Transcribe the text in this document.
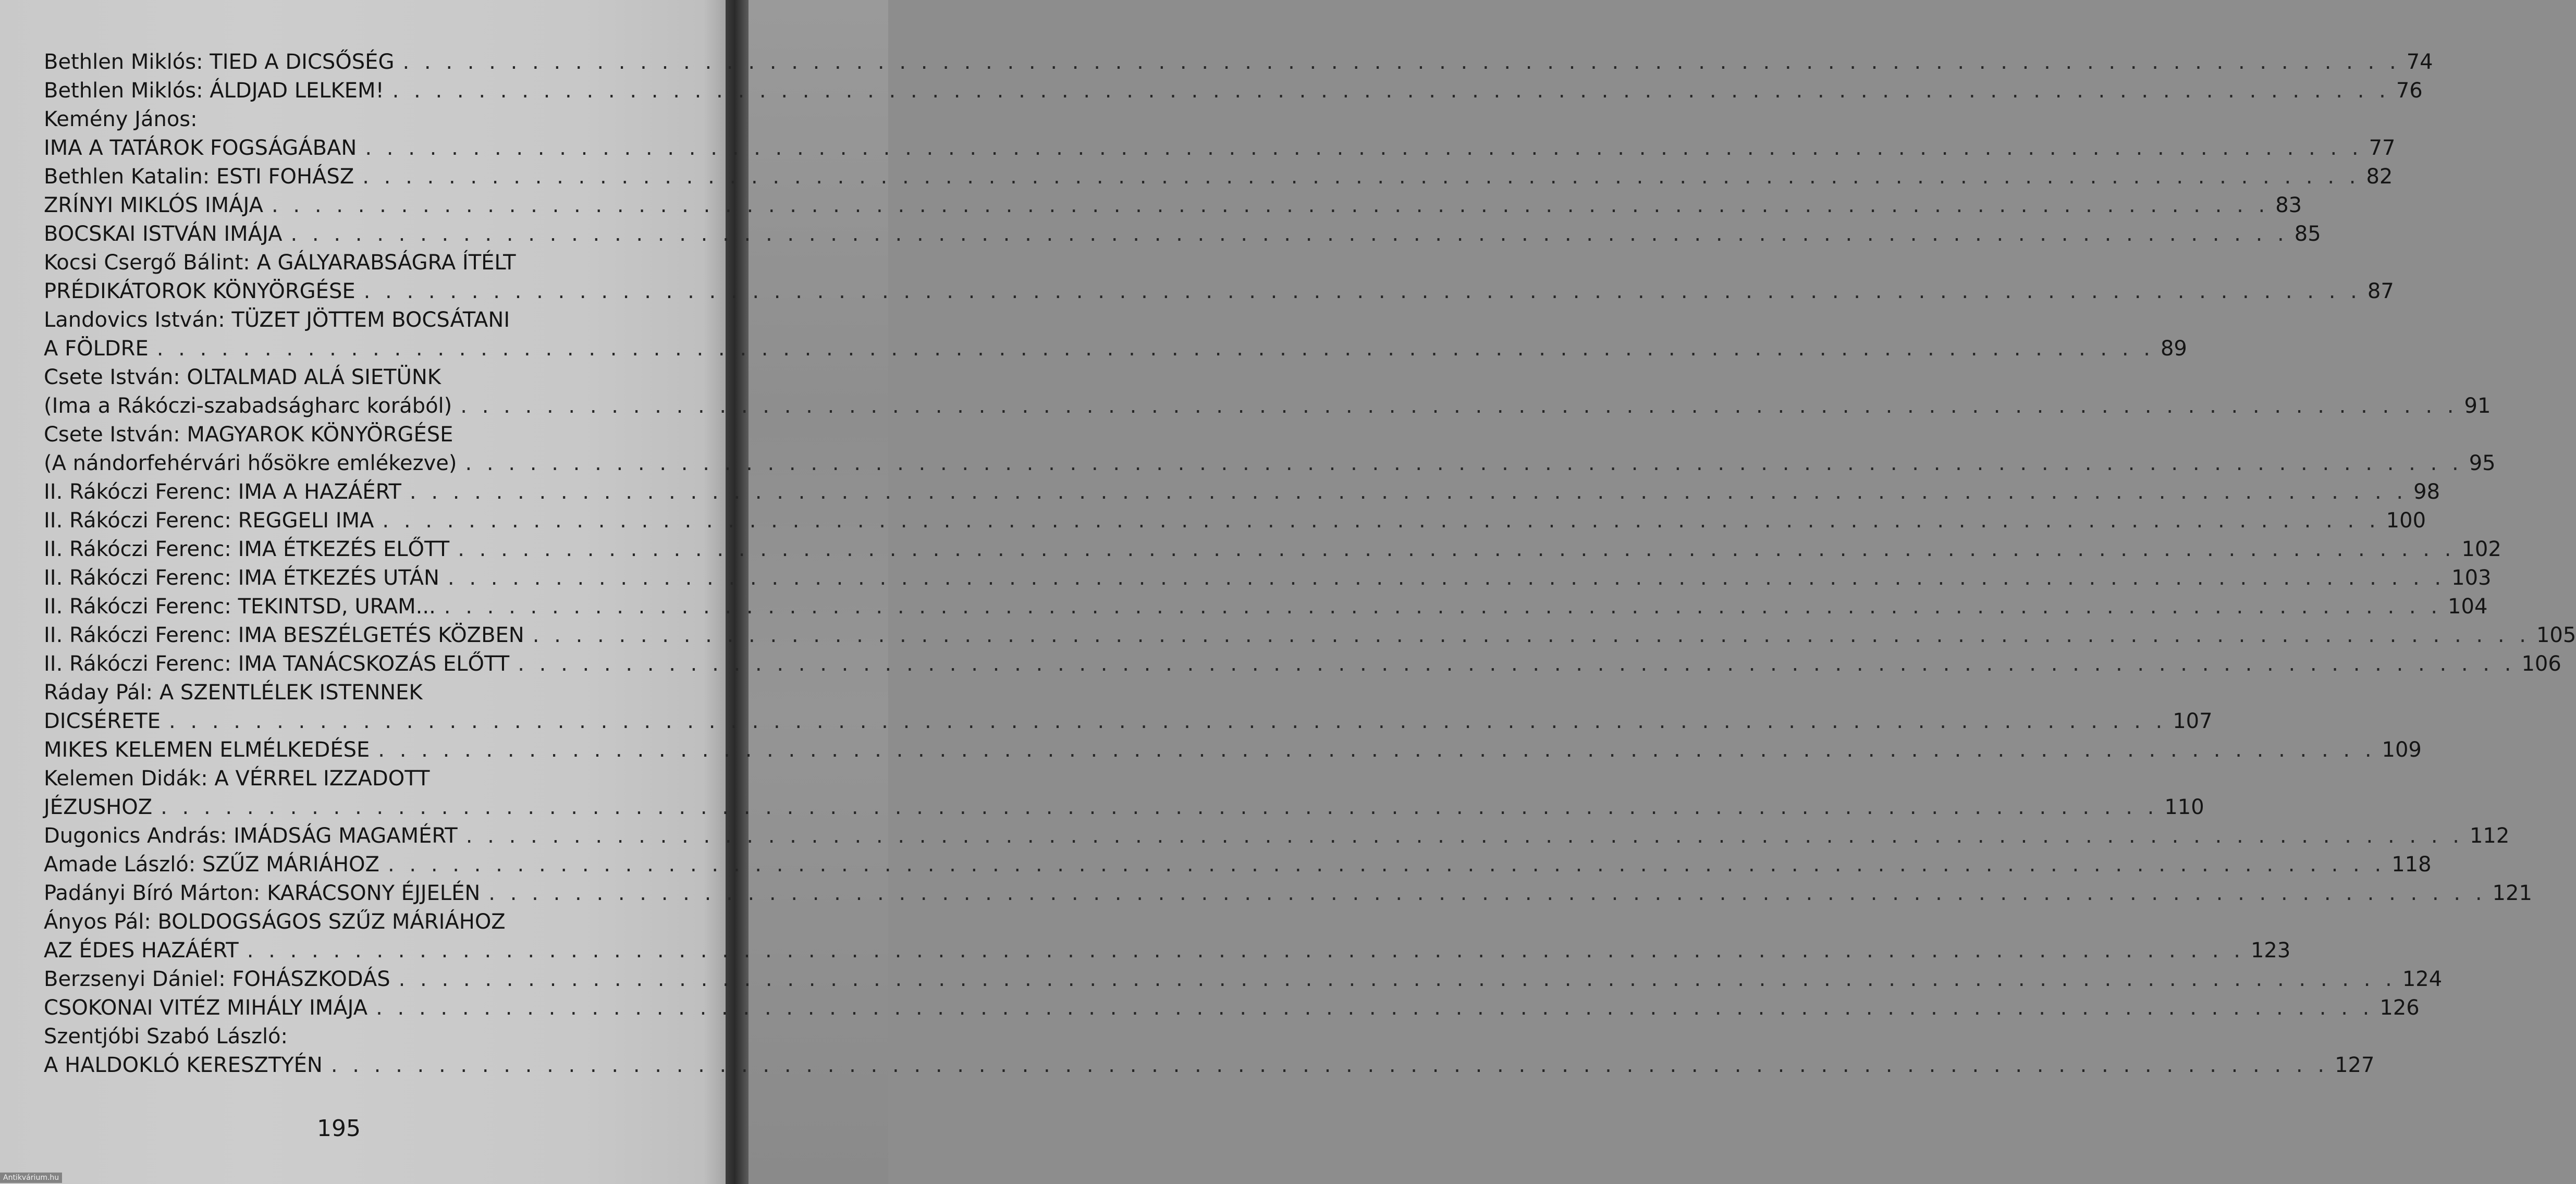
Bethlen Miklós: TIED A DICSŐSÉG . . .	74
Bethlen Miklós: ÁLDJAD LELKEM! . . .	76
Kemény János:
IMA A TATÁROK FOGSÁGÁBAN . . .	77
Bethlen Katalin: ESTI FOHÁSZ . . .	82
ZRÍNYI MIKLÓS IMÁJA . . .	83
BOCSKAI ISTVÁN IMÁJA . . .	85
Kocsi Csergő Bálint: A GÁLYARABSÁGRA ÍTÉLT
PRÉDIKÁTOROK KÖNYÖRGÉSE . . .	87
Landovics István: TÜZET JÖTTEM BOCSÁTANI
A FÖLDRE . . .	89
Csete István: OLTALMAD ALÁ SIETÜNK
(Ima a Rákóczi-szabadságharc korából) . . .	91
Csete István: MAGYAROK KÖNYÖRGÉSE
(A nándorfehérvári hősökre emlékezve) . . .	95
II. Rákóczi Ferenc: IMA A HAZÁÉRT . . .	98
II. Rákóczi Ferenc: REGGELI IMA . . .	100
II. Rákóczi Ferenc: IMA ÉTKEZÉS ELŐTT . . .	102
II. Rákóczi Ferenc: IMA ÉTKEZÉS UTÁN . . .	103
II. Rákóczi Ferenc: TEKINTSD, URAM... . . .	104
II. Rákóczi Ferenc: IMA BESZÉLGETÉS KÖZBEN . . .	105
II. Rákóczi Ferenc: IMA TANÁCSKOZÁS ELŐTT . . .	106
Ráday Pál: A SZENTLÉLEK ISTENNEK
DICSÉRETE . . .	107
MIKES KELEMEN ELMÉLKEDÉSE . . .	109
Kelemen Didák: A VÉRREL IZZADOTT
JÉZUSHOZ . . .	110
Dugonics András: IMÁDSÁG MAGAMÉRT . . .	112
Amade László: SZŰZ MÁRIÁHOZ . . .	118
Padányi Bíró Márton: KARÁCSONY ÉJJELÉN . . .	121
Ányos Pál: BOLDOGSÁGOS SZŰZ MÁRIÁHOZ
AZ ÉDES HAZÁÉRT . . .	123
Berzsenyi Dániel: FOHÁSZKODÁS . . .	124
CSOKONAI VITÉZ MIHÁLY IMÁJA . . .	126
Szentjóbi Szabó László:
A HALDOKLÓ KERESZTYÉN . . .	127
195
Antikvárium.hu
